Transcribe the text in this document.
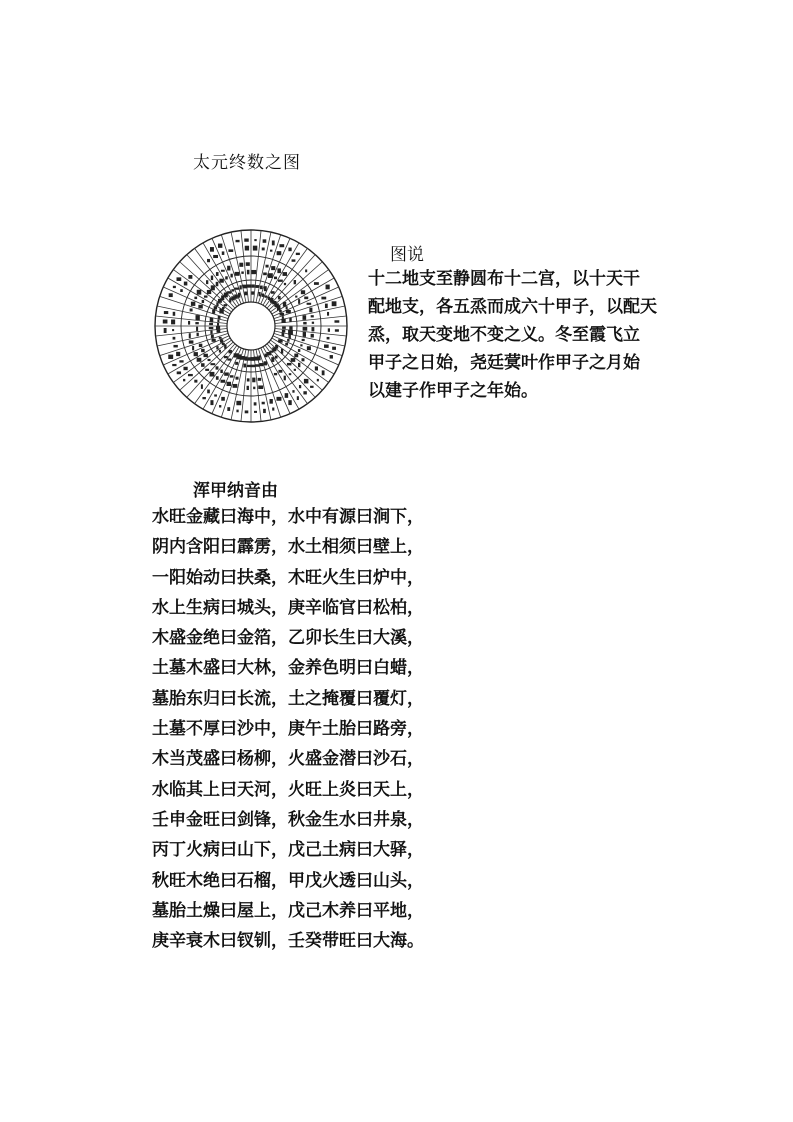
太元终数之图
图说
十二地支至静圆布十二宫，以十天干
配地支，各五烝而成六十甲子，以配天
烝，取天变地不变之义。冬至霞飞立
甲子之日始，尧廷蓂叶作甲子之月始
以建子作甲子之年始。
浑甲纳音由
水旺金藏曰海中，水中有源曰涧下，
阴内含阳曰霹雳，水土相须曰壁上，
一阳始动曰扶桑，木旺火生曰炉中，
水上生病曰城头，庚辛临官曰松柏，
木盛金绝曰金箔，乙卯长生曰大溪，
土墓木盛曰大林，金养色明曰白蜡，
墓胎东归曰长流，土之掩覆曰覆灯，
土墓不厚曰沙中，庚午土胎曰路旁，
木当茂盛曰杨柳，火盛金潜曰沙石，
水临其上曰天河，火旺上炎曰天上，
壬申金旺曰剑锋，秋金生水曰井泉，
丙丁火病曰山下，戊己土病曰大驿，
秋旺木绝曰石榴，甲戊火透曰山头，
墓胎土燥曰屋上，戊己木养曰平地，
庚辛衰木曰钗钏，壬癸带旺曰大海。
